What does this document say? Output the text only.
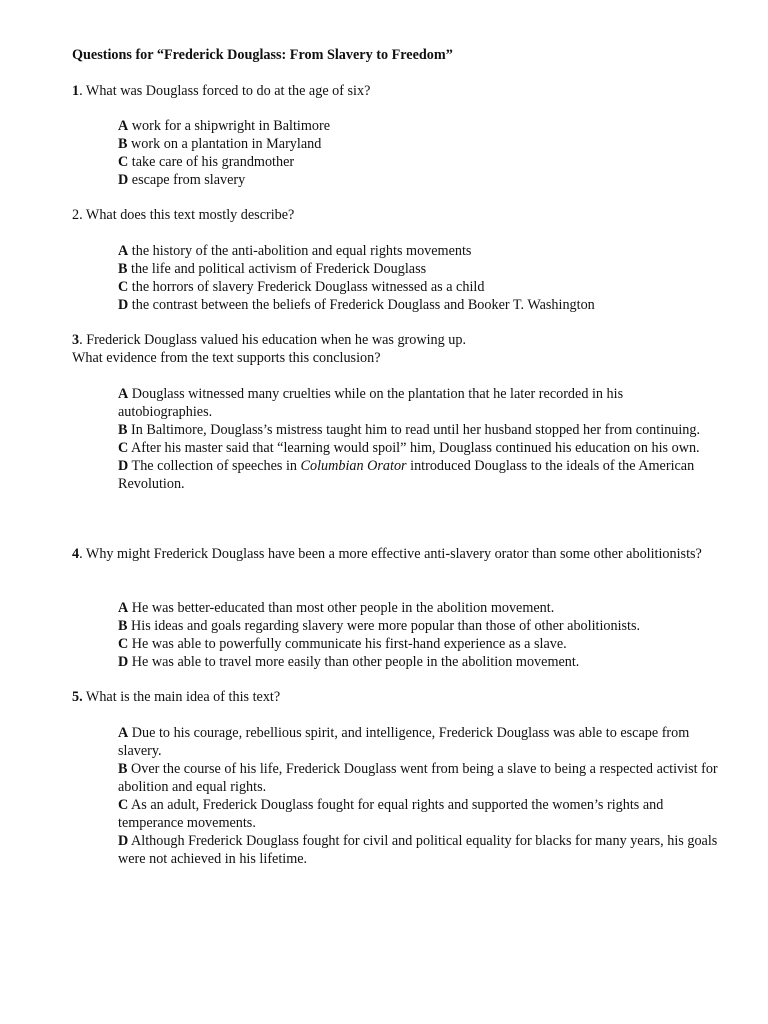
Questions for “Frederick Douglass: From Slavery to Freedom”
1. What was Douglass forced to do at the age of six?

A work for a shipwright in Baltimore

B work on a plantation in Maryland

C take care of his grandmother

D escape from slavery

2. What does this text mostly describe?

A the history of the anti-abolition and equal rights movements

B the life and political activism of Frederick Douglass

C the horrors of slavery Frederick Douglass witnessed as a child

D the contrast between the beliefs of Frederick Douglass and Booker T. Washington

3. Frederick Douglass valued his education when he was growing up.
What evidence from the text supports this conclusion?

A Douglass witnessed many cruelties while on the plantation that he later recorded in his autobiographies.

B In Baltimore, Douglass’s mistress taught him to read until her husband stopped her from continuing.

C After his master said that “learning would spoil” him, Douglass continued his education on his own.

D The collection of speeches in Columbian Orator introduced Douglass to the ideals of the American Revolution.

4. Why might Frederick Douglass have been a more effective anti-slavery orator than some other abolitionists?

A He was better-educated than most other people in the abolition movement.

B His ideas and goals regarding slavery were more popular than those of other abolitionists.

C He was able to powerfully communicate his first-hand experience as a slave.

D He was able to travel more easily than other people in the abolition movement.

5. What is the main idea of this text?

A Due to his courage, rebellious spirit, and intelligence, Frederick Douglass was able to escape from slavery.

B Over the course of his life, Frederick Douglass went from being a slave to being a respected activist for abolition and equal rights.

C As an adult, Frederick Douglass fought for equal rights and supported the women’s rights and temperance movements.

D Although Frederick Douglass fought for civil and political equality for blacks for many years, his goals were not achieved in his lifetime.
